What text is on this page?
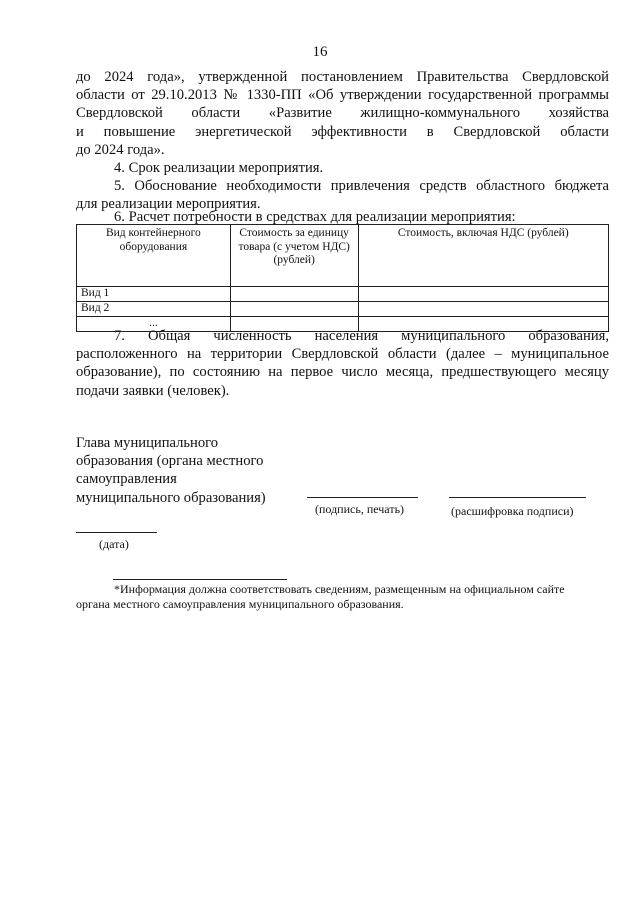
16
до 2024 года», утвержденной постановлением Правительства Свердловской
области от 29.10.2013 № 1330-ПП «Об утверждении государственной программы
Свердловской области «Развитие жилищно-коммунального хозяйства
и повышение энергетической эффективности в Свердловской области
до 2024 года».
4. Срок реализации мероприятия.
5. Обоснование необходимости привлечения средств областного бюджета
для реализации мероприятия.
6. Расчет потребности в средствах для реализации мероприятия:
Вид контейнерного оборудования	Стоимость за единицу товара (с учетом НДС) (рублей)	Стоимость, включая НДС (рублей)
Вид 1		
Вид 2		
...		
7. Общая численность населения муниципального образования,
расположенного на территории Свердловской области (далее – муниципальное
образование), по состоянию на первое число месяца, предшествующего месяцу
подачи заявки (человек).
Глава муниципального
образования (органа местного
самоуправления
муниципального образования)
(подпись, печать)	(расшифровка подписи)
(дата)
*Информация должна соответствовать сведениям, размещенным на официальном сайте
органа местного самоуправления муниципального образования.
